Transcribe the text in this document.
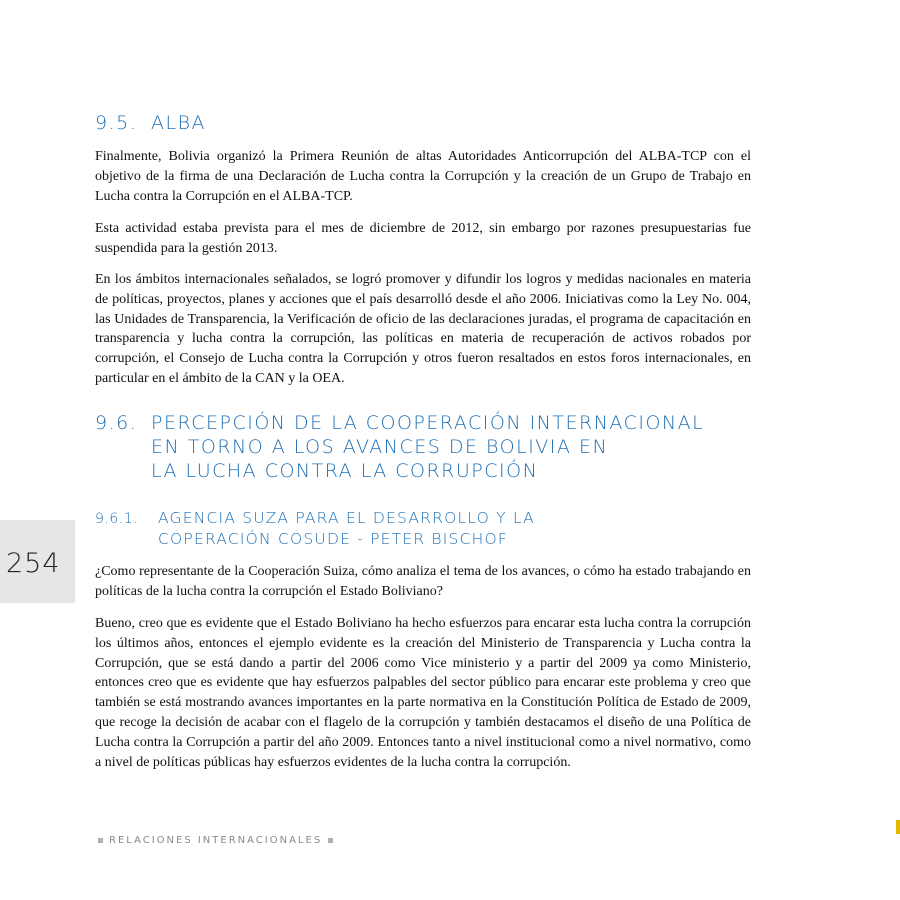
9.5. ALBA

Finalmente, Bolivia organizó la Primera Reunión de altas Autoridades Anticorrupción del ALBA-TCP con el objetivo de la firma de una Declaración de Lucha contra la Corrupción y la creación de un Grupo de Trabajo en Lucha contra la Corrupción en el ALBA-TCP.

Esta actividad estaba prevista para el mes de diciembre de 2012, sin embargo por razones presupuestarias fue suspendida para la gestión 2013.

En los ámbitos internacionales señalados, se logró promover y difundir los logros y medidas nacionales en materia de políticas, proyectos, planes y acciones que el país desarrolló desde el año 2006. Iniciativas como la Ley No. 004, las Unidades de Transparencia, la Verificación de oficio de las declaraciones juradas, el programa de capacitación en transparencia y lucha contra la corrupción, las políticas en materia de recuperación de activos robados por corrupción, el Consejo de Lucha contra la Corrupción y otros fueron resaltados en estos foros internacionales, en particular en el ámbito de la CAN y la OEA.

9.6. PERCEPCIÓN DE LA COOPERACIÓN INTERNACIONAL
EN TORNO A LOS AVANCES DE BOLIVIA EN
LA LUCHA CONTRA LA CORRUPCIÓN
9.6.1. AGENCIA SUZA PARA EL DESARROLLO Y LA
COPERACIÓN COSUDE - PETER BISCHOF
254 ¿Como representante de la Cooperación Suiza, cómo analiza el tema de los avances, o cómo ha estado trabajando en políticas de la lucha contra la corrupción el Estado Boliviano?

Bueno, creo que es evidente que el Estado Boliviano ha hecho esfuerzos para encarar esta lucha contra la corrupción los últimos años, entonces el ejemplo evidente es la creación del Ministerio de Transparencia y Lucha contra la Corrupción, que se está dando a partir del 2006 como Vice ministerio y a partir del 2009 ya como Ministerio, entonces creo que es evidente que hay esfuerzos palpables del sector público para encarar este problema y creo que también se está mostrando avances importantes en la parte normativa en la Constitución Política de Estado de 2009, que recoge la decisión de acabar con el flagelo de la corrupción y también destacamos el diseño de una Política de Lucha contra la Corrupción a partir del año 2009. Entonces tanto a nivel institucional como a nivel normativo, como a nivel de políticas públicas hay esfuerzos evidentes de la lucha contra la corrupción.

RELACIONES INTERNACIONALES
